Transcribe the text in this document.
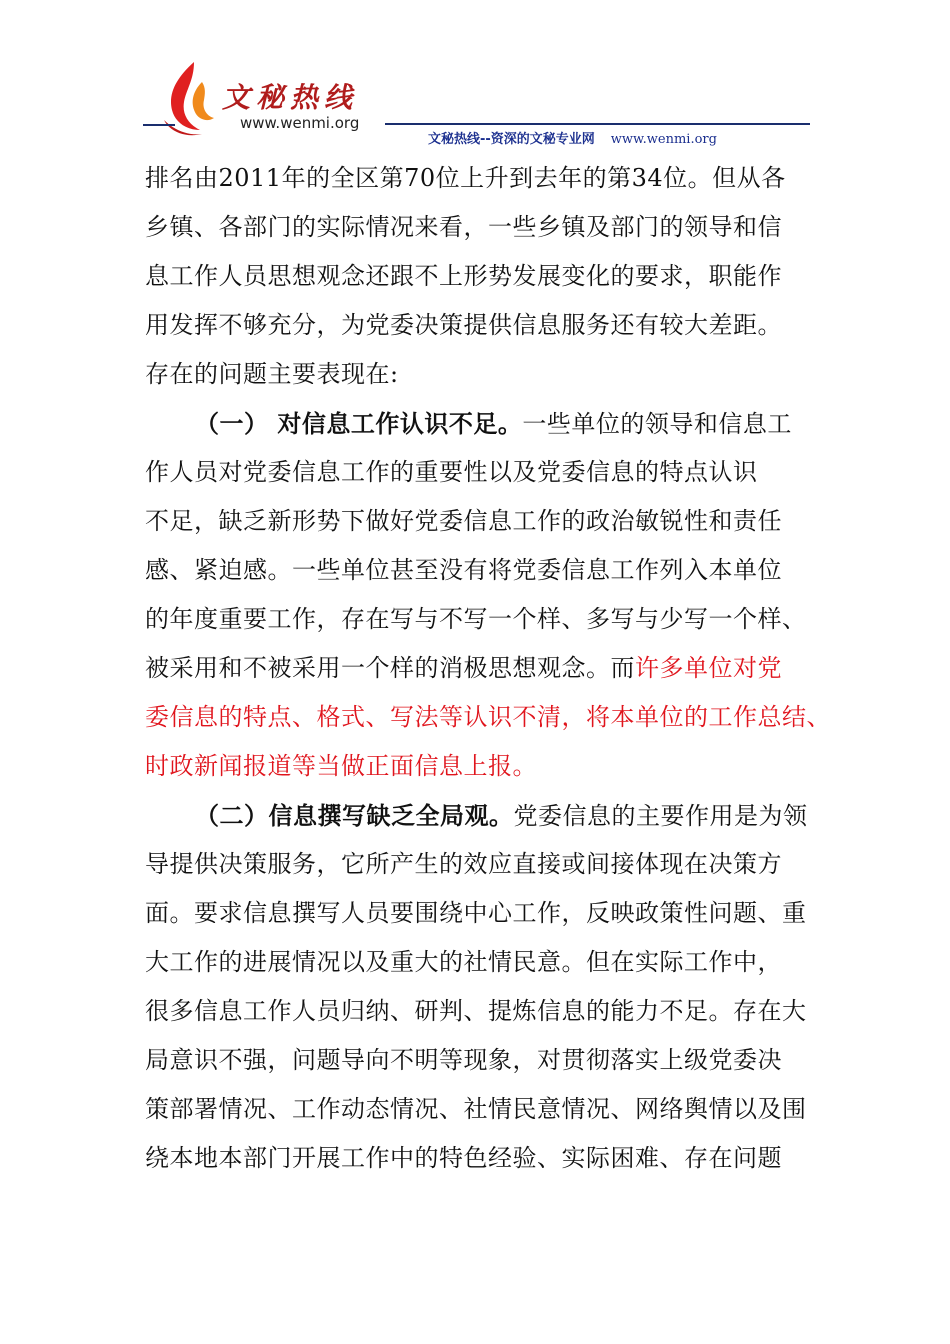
文秘热线
www.wenmi.org
文秘热线--资深的文秘专业网 www.wenmi.org
排名由2011年的全区第70位上升到去年的第34位。但从各
乡镇、各部门的实际情况来看，一些乡镇及部门的领导和信
息工作人员思想观念还跟不上形势发展变化的要求，职能作
用发挥不够充分，为党委决策提供信息服务还有较大差距。
存在的问题主要表现在:
（一） 对信息工作认识不足。一些单位的领导和信息工
作人员对党委信息工作的重要性以及党委信息的特点认识
不足，缺乏新形势下做好党委信息工作的政治敏锐性和责任
感、紧迫感。一些单位甚至没有将党委信息工作列入本单位
的年度重要工作，存在写与不写一个样、多写与少写一个样、
被采用和不被采用一个样的消极思想观念。而许多单位对党
委信息的特点、格式、写法等认识不清，将本单位的工作总结、
时政新闻报道等当做正面信息上报。
（二）信息撰写缺乏全局观。党委信息的主要作用是为领
导提供决策服务，它所产生的效应直接或间接体现在决策方
面。要求信息撰写人员要围绕中心工作，反映政策性问题、重
大工作的进展情况以及重大的社情民意。但在实际工作中，
很多信息工作人员归纳、研判、提炼信息的能力不足。存在大
局意识不强，问题导向不明等现象，对贯彻落实上级党委决
策部署情况、工作动态情况、社情民意情况、网络舆情以及围
绕本地本部门开展工作中的特色经验、实际困难、存在问题
